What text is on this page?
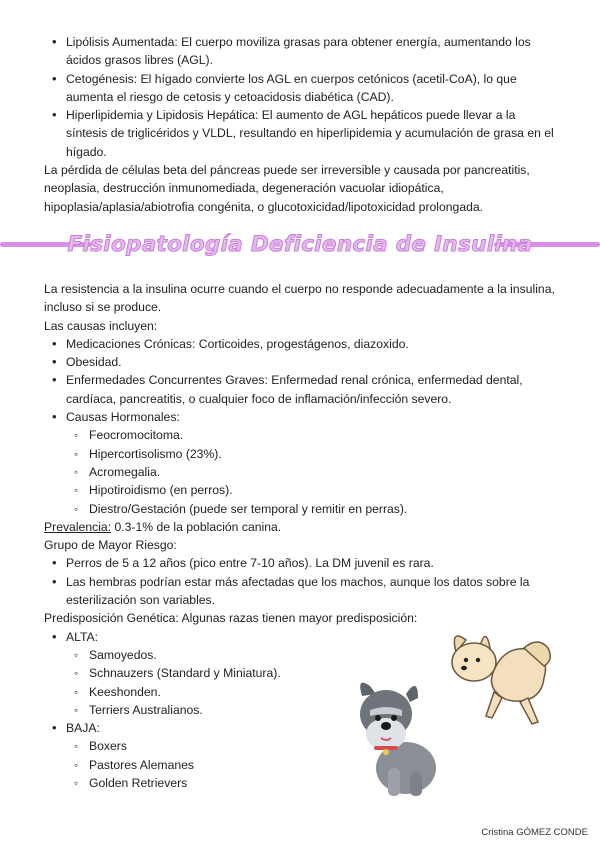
• Lipólisis Aumentada: El cuerpo moviliza grasas para obtener energía, aumentando los ácidos grasos libres (AGL).
• Cetogénesis: El hígado convierte los AGL en cuerpos cetónicos (acetil-CoA), lo que aumenta el riesgo de cetosis y cetoacidosis diabética (CAD).
• Hiperlipidemia y Lipidosis Hepática: El aumento de AGL hepáticos puede llevar a la síntesis de triglicéridos y VLDL, resultando en hiperlipidemia y acumulación de grasa en el hígado.

La pérdida de células beta del páncreas puede ser irreversible y causada por pancreatitis, neoplasia, destrucción inmunomediada, degeneración vacuolar idiopática, hipoplasia/aplasia/abiotrofia congénita, o glucotoxicidad/lipotoxicidad prolongada.

Fisiopatología Deficiencia de Insulina

La resistencia a la insulina ocurre cuando el cuerpo no responde adecuadamente a la insulina, incluso si se produce.

Las causas incluyen:

• Medicaciones Crónicas: Corticoides, progestágenos, diazoxido.
• Obesidad.
• Enfermedades Concurrentes Graves: Enfermedad renal crónica, enfermedad dental, cardíaca, pancreatitis, o cualquier foco de inflamación/infección severo.
• Causas Hormonales:
◦ Feocromocitoma.
◦ Hipercortisolismo (23%).
◦ Acromegalia.
◦ Hipotiroidismo (en perros).
◦ Diestro/Gestación (puede ser temporal y remitir en perras).

Prevalencia: 0.3-1% de la población canina.

Grupo de Mayor Riesgo:

• Perros de 5 a 12 años (pico entre 7-10 años). La DM juvenil es rara.
• Las hembras podrían estar más afectadas que los machos, aunque los datos sobre la esterilización son variables.

Predisposición Genética: Algunas razas tienen mayor predisposición:

• ALTA:
◦ Samoyedos.
◦ Schnauzers (Standard y Miniatura).
◦ Keeshonden.
◦ Terriers Australianos.
• BAJA:
◦ Boxers
◦ Pastores Alemanes
◦ Golden Retrievers
Cristina GÓMEZ CONDE
